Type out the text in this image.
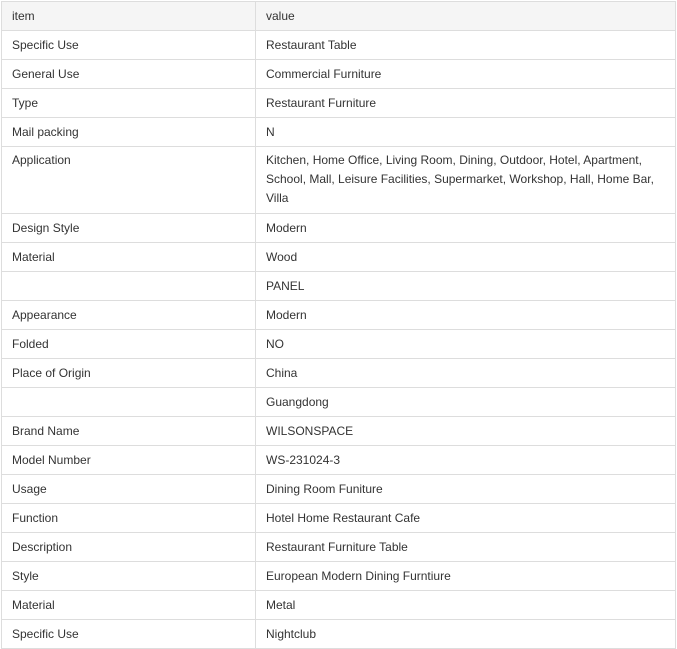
item	value
Specific Use	Restaurant Table
General Use	Commercial Furniture
Type	Restaurant Furniture
Mail packing	N
Application	Kitchen, Home Office, Living Room, Dining, Outdoor, Hotel, Apartment, School, Mall, Leisure Facilities, Supermarket, Workshop, Hall, Home Bar, Villa
Design Style	Modern
Material	Wood
	PANEL
Appearance	Modern
Folded	NO
Place of Origin	China
	Guangdong
Brand Name	WILSONSPACE
Model Number	WS-231024-3
Usage	Dining Room Funiture
Function	Hotel Home Restaurant Cafe
Description	Restaurant Furniture Table
Style	European Modern Dining Furntiure
Material	Metal
Specific Use	Nightclub
